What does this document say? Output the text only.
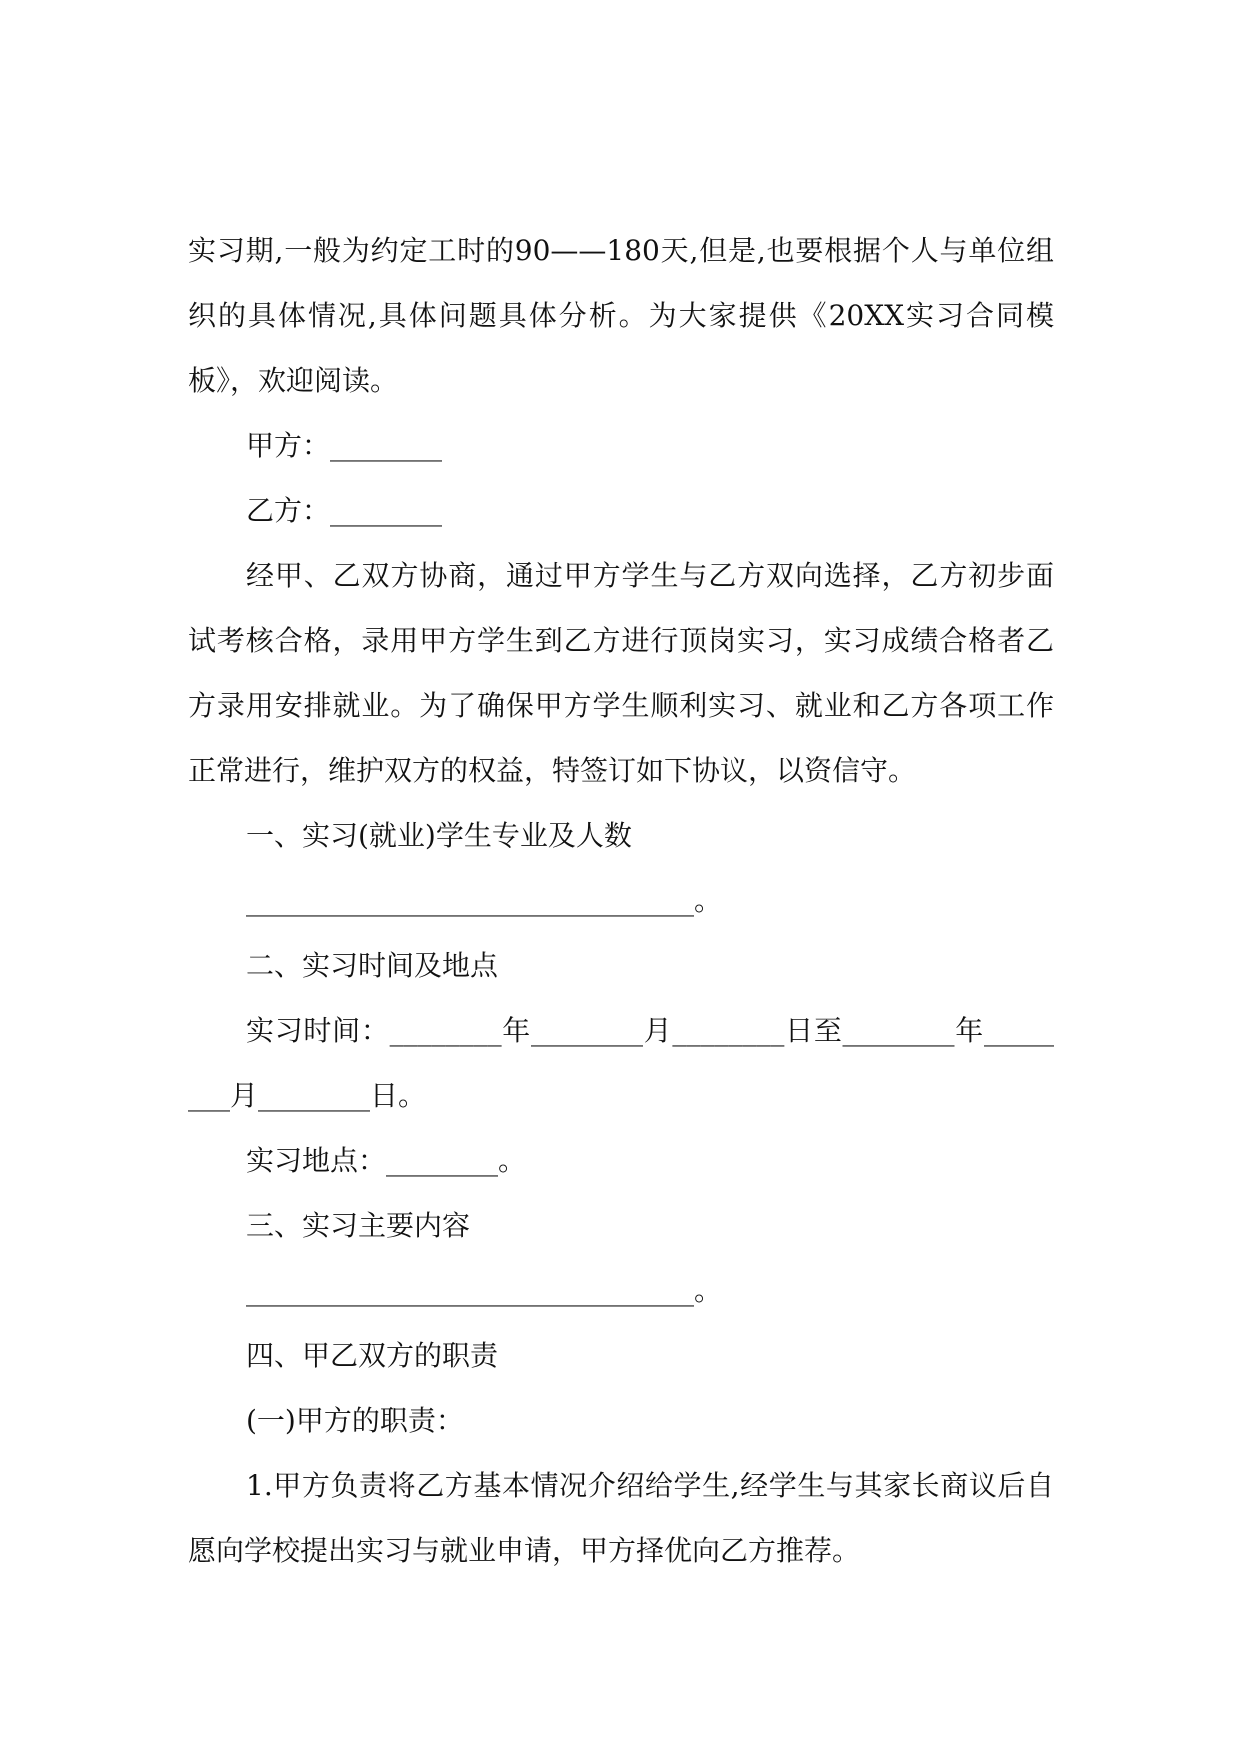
实习期,一般为约定工时的90——180天,但是,也要根据个人与单位组织的具体情况,具体问题具体分析。为大家提供《20XX实习合同模板》，欢迎阅读。

甲方：________

乙方：________

经甲、乙双方协商，通过甲方学生与乙方双向选择，乙方初步面试考核合格，录用甲方学生到乙方进行顶岗实习，实习成绩合格者乙方录用安排就业。为了确保甲方学生顺利实习、就业和乙方各项工作正常进行，维护双方的权益，特签订如下协议，以资信守。

一、实习(就业)学生专业及人数

________________________________。

二、实习时间及地点

实习时间：________年________月________日至________年________月________日。

实习地点：________。

三、实习主要内容

________________________________。

四、甲乙双方的职责

(一)甲方的职责：

1.甲方负责将乙方基本情况介绍给学生,经学生与其家长商议后自愿向学校提出实习与就业申请，甲方择优向乙方推荐。
